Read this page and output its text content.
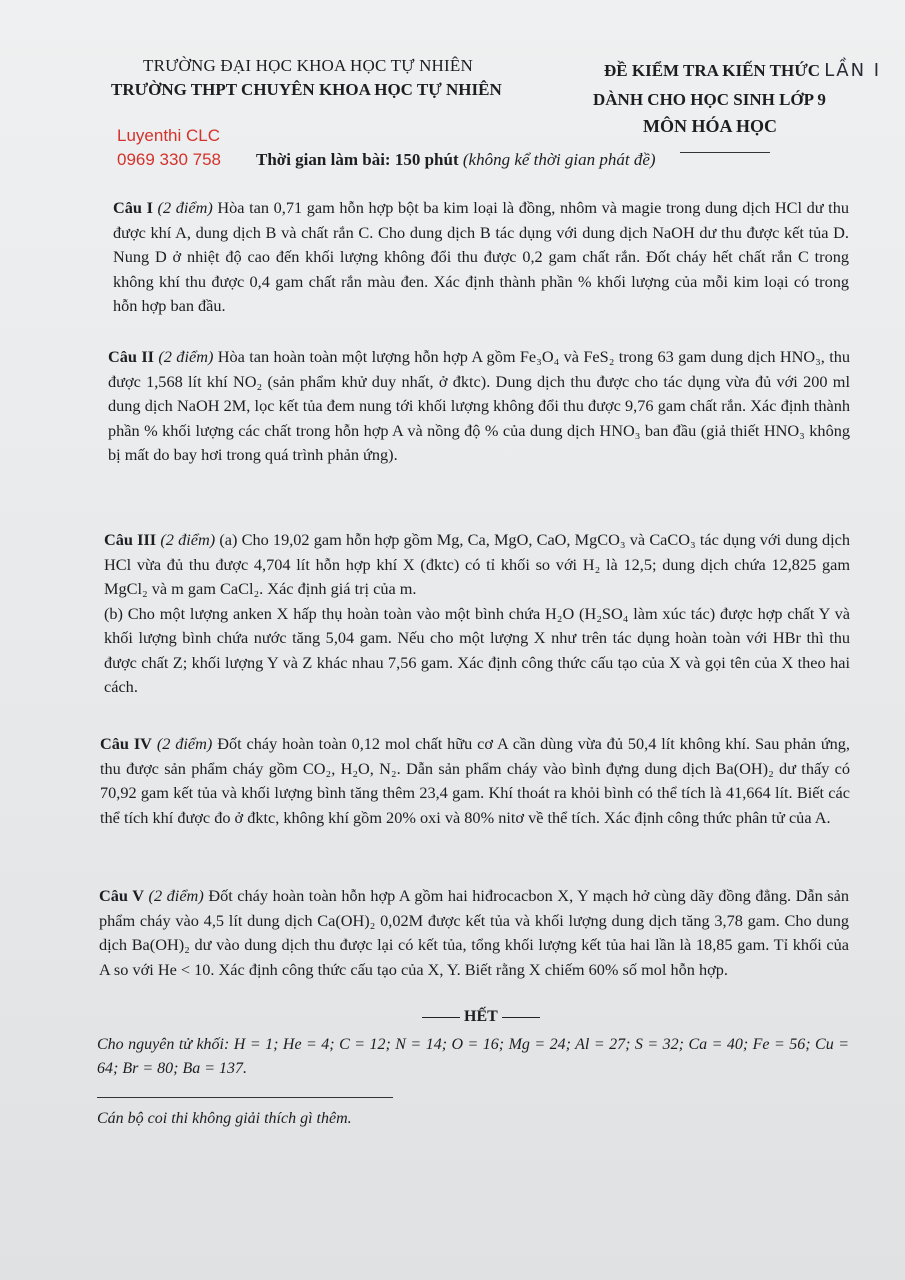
TRƯỜNG ĐẠI HỌC KHOA HỌC TỰ NHIÊN
TRƯỜNG THPT CHUYÊN KHOA HỌC TỰ NHIÊN
ĐỀ KIỂM TRA KIẾN THỨC LẦN I
DÀNH CHO HỌC SINH LỚP 9
MÔN HÓA HỌC
Luyenthi CLC
0969 330 758 Thời gian làm bài: 150 phút (không kể thời gian phát đề)

Câu I (2 điểm) Hòa tan 0,71 gam hỗn hợp bột ba kim loại là đồng, nhôm và magie trong dung dịch HCl dư thu được khí A, dung dịch B và chất rắn C. Cho dung dịch B tác dụng với dung dịch NaOH dư thu được kết tủa D. Nung D ở nhiệt độ cao đến khối lượng không đổi thu được 0,2 gam chất rắn. Đốt cháy hết chất rắn C trong không khí thu được 0,4 gam chất rắn màu đen. Xác định thành phần % khối lượng của mỗi kim loại có trong hỗn hợp ban đầu.

Câu II (2 điểm) Hòa tan hoàn toàn một lượng hỗn hợp A gồm Fe₃O₄ và FeS₂ trong 63 gam dung dịch HNO₃, thu được 1,568 lít khí NO₂ (sản phẩm khử duy nhất, ở đktc). Dung dịch thu được cho tác dụng vừa đủ với 200 ml dung dịch NaOH 2M, lọc kết tủa đem nung tới khối lượng không đổi thu được 9,76 gam chất rắn. Xác định thành phần % khối lượng các chất trong hỗn hợp A và nồng độ % của dung dịch HNO₃ ban đầu (giả thiết HNO₃ không bị mất do bay hơi trong quá trình phản ứng).

Câu III (2 điểm) (a) Cho 19,02 gam hỗn hợp gồm Mg, Ca, MgO, CaO, MgCO₃ và CaCO₃ tác dụng với dung dịch HCl vừa đủ thu được 4,704 lít hỗn hợp khí X (đktc) có tỉ khối so với H₂ là 12,5; dung dịch chứa 12,825 gam MgCl₂ và m gam CaCl₂. Xác định giá trị của m.

(b) Cho một lượng anken X hấp thụ hoàn toàn vào một bình chứa H₂O (H₂SO₄ làm xúc tác) được hợp chất Y và khối lượng bình chứa nước tăng 5,04 gam. Nếu cho một lượng X như trên tác dụng hoàn toàn với HBr thì thu được chất Z; khối lượng Y và Z khác nhau 7,56 gam. Xác định công thức cấu tạo của X và gọi tên của X theo hai cách.

Câu IV (2 điểm) Đốt cháy hoàn toàn 0,12 mol chất hữu cơ A cần dùng vừa đủ 50,4 lít không khí. Sau phản ứng, thu được sản phẩm cháy gồm CO₂, H₂O, N₂. Dẫn sản phẩm cháy vào bình đựng dung dịch Ba(OH)₂ dư thấy có 70,92 gam kết tủa và khối lượng bình tăng thêm 23,4 gam. Khí thoát ra khỏi bình có thể tích là 41,664 lít. Biết các thể tích khí được đo ở đktc, không khí gồm 20% oxi và 80% nitơ về thể tích. Xác định công thức phân tử của A.

Câu V (2 điểm) Đốt cháy hoàn toàn hỗn hợp A gồm hai hiđrocacbon X, Y mạch hở cùng dãy đồng đẳng. Dẫn sản phẩm cháy vào 4,5 lít dung dịch Ca(OH)₂ 0,02M được kết tủa và khối lượng dung dịch tăng 3,78 gam. Cho dung dịch Ba(OH)₂ dư vào dung dịch thu được lại có kết tủa, tổng khối lượng kết tủa hai lần là 18,85 gam. Tỉ khối của A so với He < 10. Xác định công thức cấu tạo của X, Y. Biết rằng X chiếm 60% số mol hỗn hợp.

HẾT
Cho nguyên tử khối: H = 1; He = 4; C = 12; N = 14; O = 16; Mg = 24; Al = 27; S = 32; Ca = 40; Fe = 56; Cu = 64; Br = 80; Ba = 137.
Cán bộ coi thi không giải thích gì thêm.
